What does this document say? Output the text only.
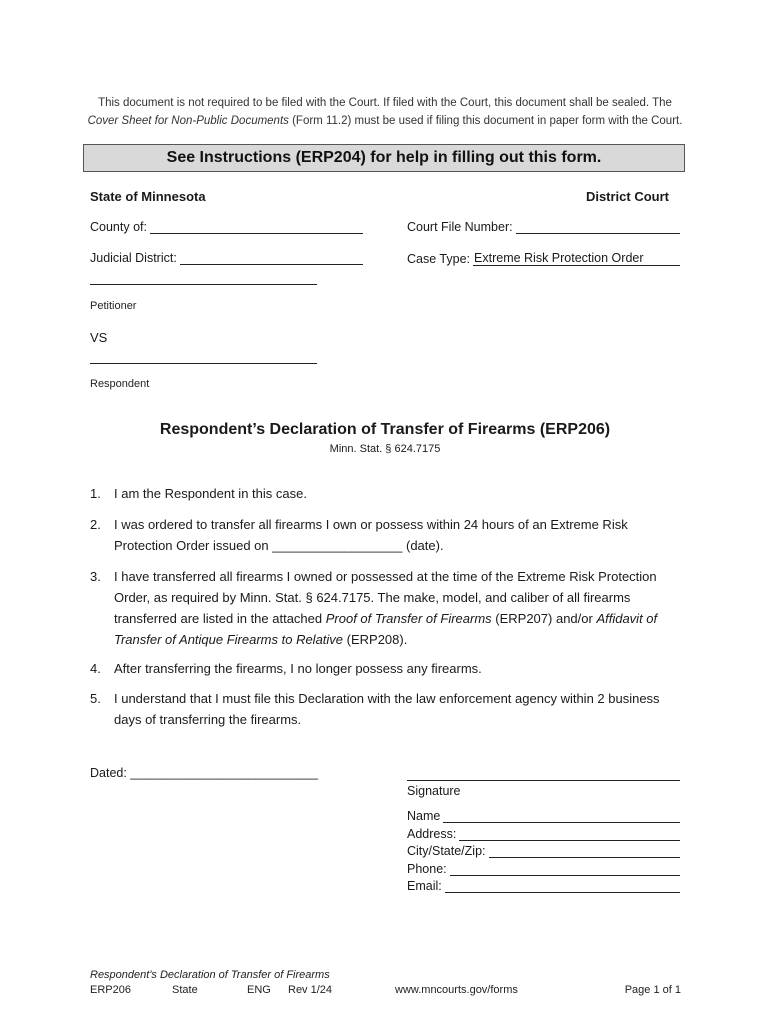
This document is not required to be filed with the Court. If filed with the Court, this document shall be sealed. The
Cover Sheet for Non-Public Documents (Form 11.2) must be used if filing this document in paper form with the Court.
See Instructions (ERP204) for help in filling out this form.
State of Minnesota	District Court
County of:	Court File Number:
Judicial District:	Case Type: Extreme Risk Protection Order
Petitioner
VS
Respondent
Respondent’s Declaration of Transfer of Firearms (ERP206)
Minn. Stat. § 624.7175
1.	I am the Respondent in this case.
2.	I was ordered to transfer all firearms I own or possess within 24 hours of an Extreme Risk Protection Order issued on __________________ (date).
3.	I have transferred all firearms I owned or possessed at the time of the Extreme Risk Protection Order, as required by Minn. Stat. § 624.7175. The make, model, and caliber of all firearms transferred are listed in the attached Proof of Transfer of Firearms (ERP207) and/or Affidavit of Transfer of Antique Firearms to Relative (ERP208).
4.	After transferring the firearms, I no longer possess any firearms.
5.	I understand that I must file this Declaration with the law enforcement agency within 2 business days of transferring the firearms.
Dated: ___________________________
Signature
Name
Address:
City/State/Zip:
Phone:
Email:
Respondent's Declaration of Transfer of Firearms
ERP206	State	ENG Rev 1/24	www.mncourts.gov/forms	Page 1 of 1
